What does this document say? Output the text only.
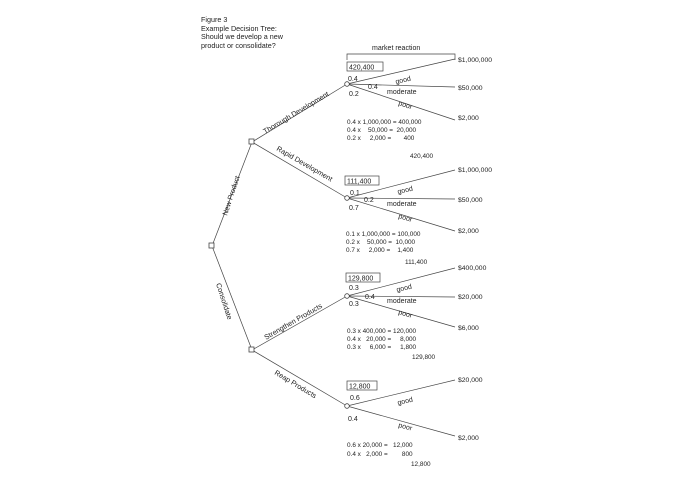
Figure 3
Example Decision Tree:
Should we develop a new
product or consolidate?	market reaction
New Product
Consolidate
Thorough Development
Rapid Development
Strengthen Products
Reap Products
420,400
0.4
0.4
0.2
good
moderate
poor
$1,000,000
$50,000
$2,000
0.4 x 1,000,000 = 400,000
0.4 x    50,000 =  20,000
0.2 x     2,000 =       400
420,400
111,400
0.1
0.2
0.7
good
moderate
poor
$1,000,000
$50,000
$2,000
0.1 x 1,000,000 = 100,000
0.2 x    50,000 =  10,000
0.7 x     2,000 =    1,400
111,400
129,800
0.3
0.4
0.3
good
moderate
poor
$400,000
$20,000
$6,000
0.3 x 400,000 = 120,000
0.4 x   20,000 =     8,000
0.3 x     6,000 =     1,800
129,800
12,800
0.6
0.4
good
poor
$20,000
$2,000
0.6 x 20,000 =   12,000
0.4 x   2,000 =        800
12,800
